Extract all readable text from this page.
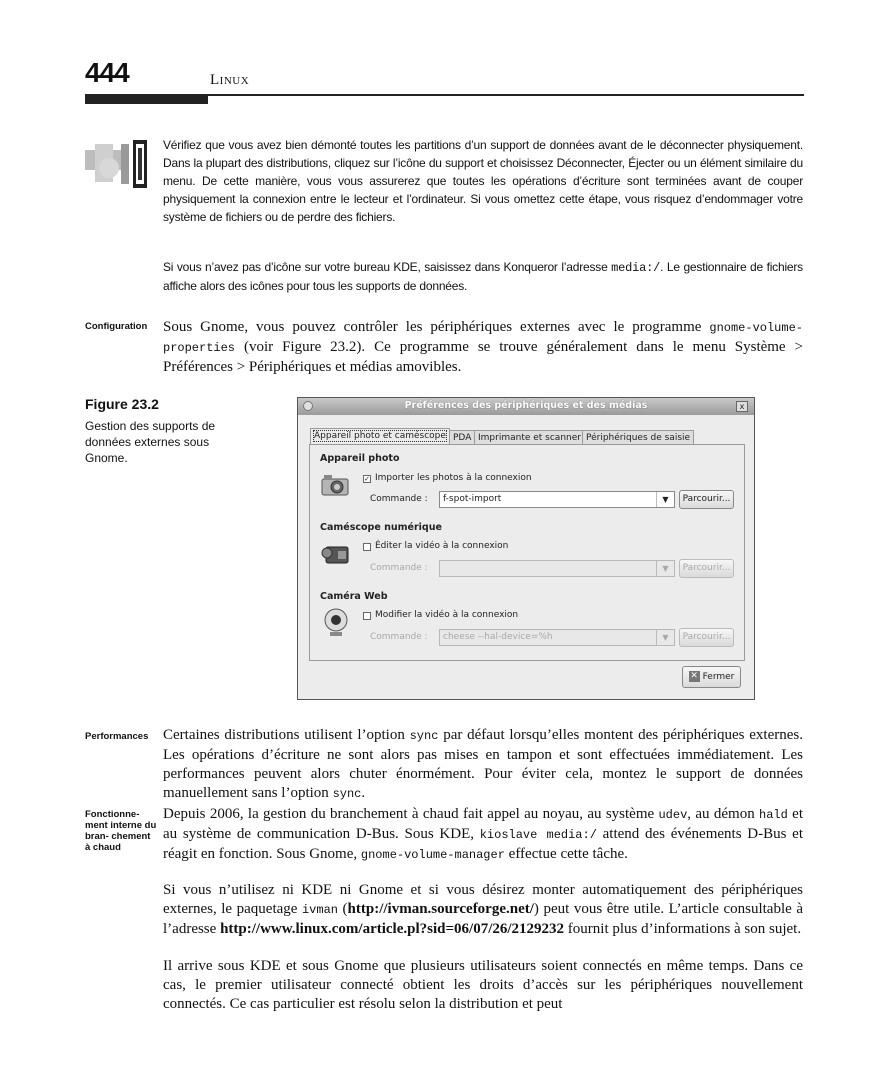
444	Linux
Vérifiez que vous avez bien démonté toutes les partitions d’un support de données avant de le déconnecter physiquement. Dans la plupart des distributions, cliquez sur l’icône du support et choisissez Déconnecter, Éjecter ou un élément similaire du menu. De cette manière, vous vous assurerez que toutes les opérations d’écriture sont terminées avant de couper physiquement la connexion entre le lecteur et l’ordinateur. Si vous omettez cette étape, vous risquez d’endommager votre système de fichiers ou de perdre des fichiers.
Si vous n’avez pas d’icône sur votre bureau KDE, saisissez dans Konqueror l’adresse media:/. Le gestionnaire de fichiers affiche alors des icônes pour tous les supports de données.
Configuration	Sous Gnome, vous pouvez contrôler les périphériques externes avec le programme gnome-volume-properties (voir Figure 23.2). Ce programme se trouve généralement dans le menu Système > Préférences > Périphériques et médias amovibles.
Figure 23.2
Gestion des supports de données externes sous Gnome.
Préférences des périphériques et des médias	x
Appareil photo et caméscope PDA Imprimante et scanner Périphériques de saisie
Appareil photo
✓ Importer les photos à la connexion
Commande :	f-spot-import	▼	Parcourir...
Caméscope numérique
Éditer la vidéo à la connexion
Commande :	▼	Parcourir...
Caméra Web
Modifier la vidéo à la connexion
Commande :	cheese --hal-device=%h	▼	Parcourir...
✕ Fermer
Performances Certaines distributions utilisent l’option sync par défaut lorsqu’elles montent des périphériques externes. Les opérations d’écriture ne sont alors pas mises en tampon et sont effectuées immédiatement. Les performances peuvent alors chuter énormément. Pour éviter cela, montez le support de données manuellement sans l’option sync.
Fonctionne- ment interne du bran- chement à chaud
Depuis 2006, la gestion du branchement à chaud fait appel au noyau, au système udev, au démon hald et au système de communication D-Bus. Sous KDE, kioslave media:/ attend des événements D-Bus et réagit en fonction. Sous Gnome, gnome-volume-manager effectue cette tâche.
Si vous n’utilisez ni KDE ni Gnome et si vous désirez monter automatiquement des périphériques externes, le paquetage ivman (http://ivman.sourceforge.net/) peut vous être utile. L’article consultable à l’adresse http://www.linux.com/article.pl?sid=06/07/26/2129232 fournit plus d’informations à son sujet.
Il arrive sous KDE et sous Gnome que plusieurs utilisateurs soient connectés en même temps. Dans ce cas, le premier utilisateur connecté obtient les droits d’accès sur les périphériques nouvellement connectés. Ce cas particulier est résolu selon la distribution et peut
